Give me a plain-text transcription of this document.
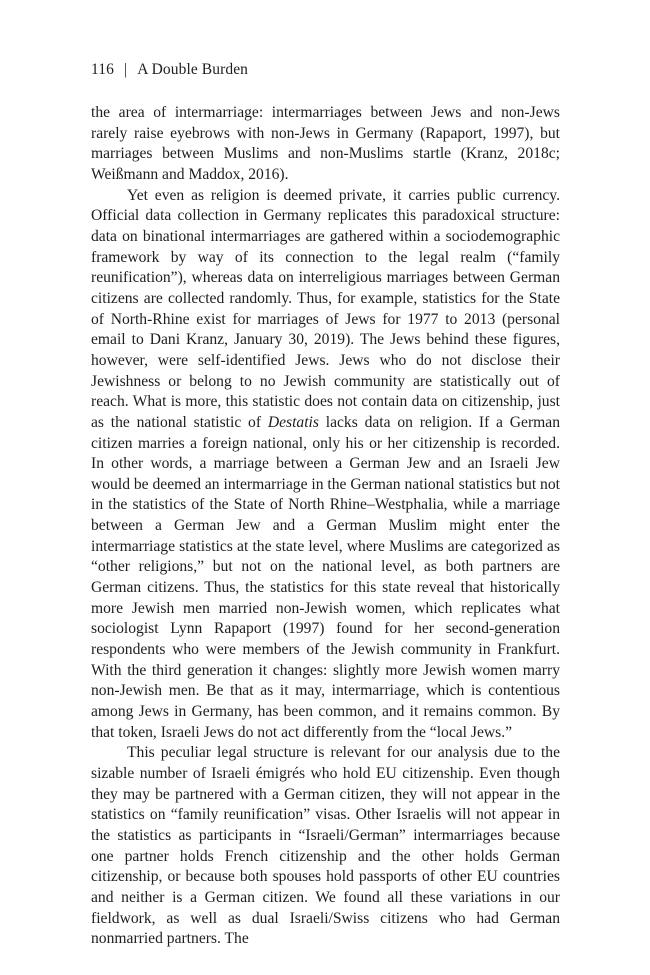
116 | A Double Burden

the area of intermarriage: intermarriages between Jews and non-Jews rarely raise eyebrows with non-Jews in Germany (Rapaport, 1997), but marriages between Muslims and non-Muslims startle (Kranz, 2018c; Weißmann and Maddox, 2016).

Yet even as religion is deemed private, it carries public currency. Official data collection in Germany replicates this paradoxical structure: data on binational intermarriages are gathered within a sociodemographic framework by way of its connection to the legal realm (“family reunification”), whereas data on interreligious marriages between German citizens are collected randomly. Thus, for example, statistics for the State of North-Rhine exist for marriages of Jews for 1977 to 2013 (personal email to Dani Kranz, January 30, 2019). The Jews behind these figures, however, were self-identified Jews. Jews who do not disclose their Jewishness or belong to no Jewish community are statistically out of reach. What is more, this statistic does not contain data on citizenship, just as the national statistic of Destatis lacks data on religion. If a German citizen marries a foreign national, only his or her citizenship is recorded. In other words, a marriage between a German Jew and an Israeli Jew would be deemed an intermarriage in the German national statistics but not in the statistics of the State of North Rhine–Westphalia, while a marriage between a German Jew and a German Muslim might enter the intermarriage statistics at the state level, where Muslims are categorized as “other religions,” but not on the national level, as both partners are German citizens. Thus, the statistics for this state reveal that historically more Jewish men married non-Jewish women, which replicates what sociologist Lynn Rapaport (1997) found for her second-generation respondents who were members of the Jewish community in Frankfurt. With the third generation it changes: slightly more Jewish women marry non-Jewish men. Be that as it may, intermarriage, which is contentious among Jews in Germany, has been common, and it remains common. By that token, Israeli Jews do not act differently from the “local Jews.”

This peculiar legal structure is relevant for our analysis due to the sizable number of Israeli émigrés who hold EU citizenship. Even though they may be partnered with a German citizen, they will not appear in the statistics on “family reunification” visas. Other Israelis will not appear in the statistics as participants in “Israeli/German” intermarriages because one partner holds French citizenship and the other holds German citizenship, or because both spouses hold passports of other EU countries and neither is a German citizen. We found all these variations in our fieldwork, as well as dual Israeli/Swiss citizens who had German nonmarried partners. The
